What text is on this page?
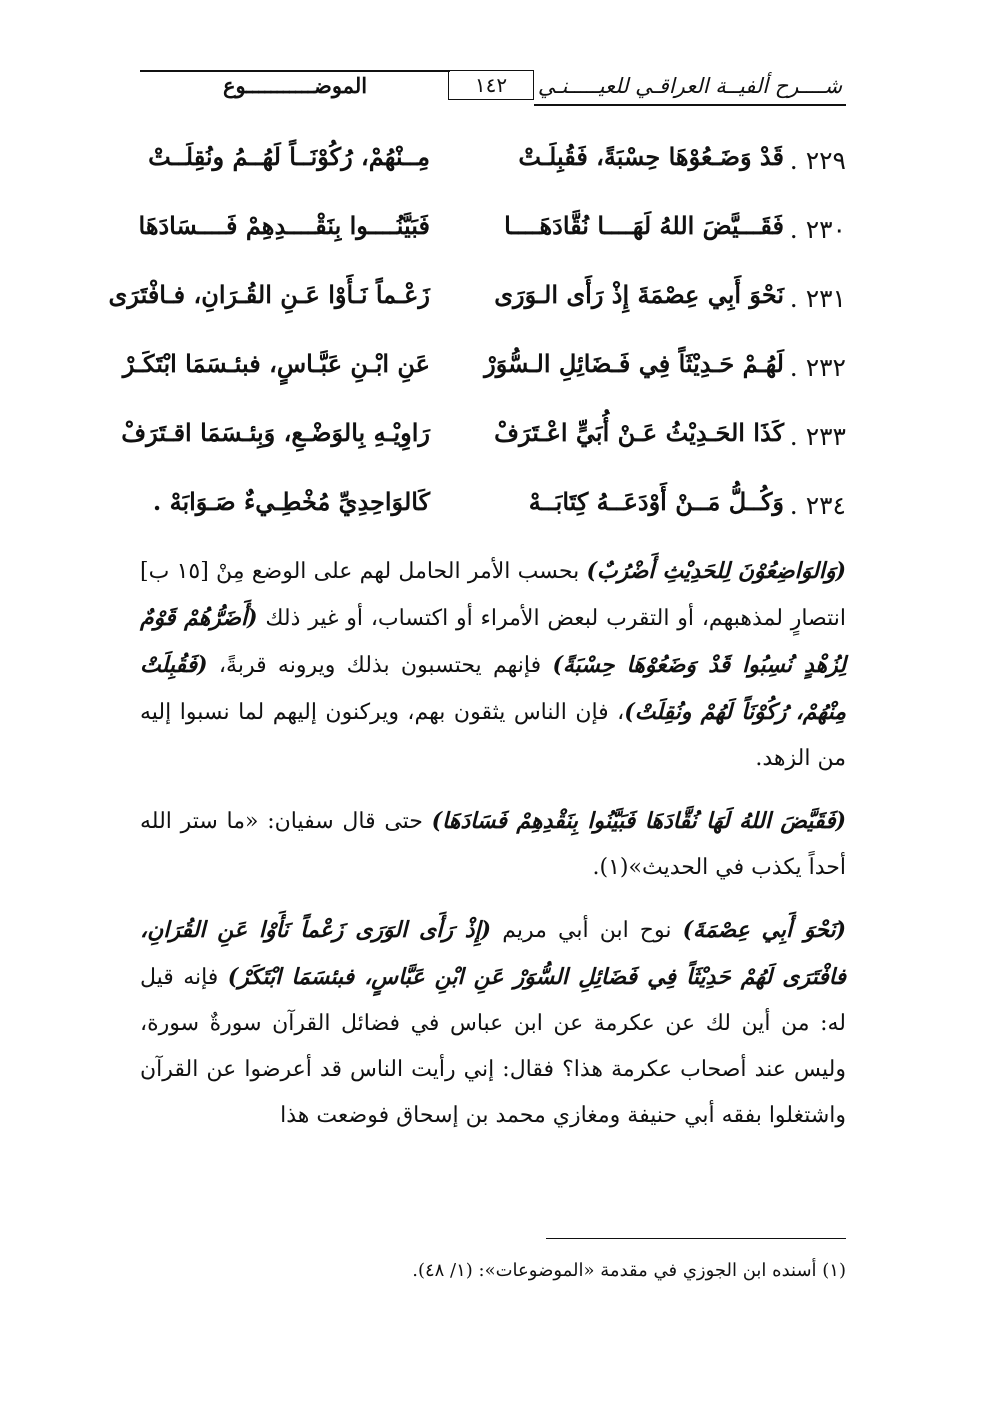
شــــرح ألفيــة العراقـي للعيـــــنـي
١٤٢
الموضـــــــــــوع
٢٢٩ .
قَدْ وَضَـعُوْهَا حِسْبَةً، فَقُبِلَـتْ
مِــنْهُمْ، رُكُوْنَــاً لَهُــمُ ونُقِلَــتْ
٢٣٠ .
فَقَـــيَّضَ اللهُ لَهَــــا نُقَّادَهَــــا
فَبَيَّنُــــوا بِنَقْــــدِهِمْ فَــــسَادَهَا
٢٣١ .
نَحْوَ أَبِي عِصْمَةَ إِذْ رَأَى الـوَرَى
زَعْـماً نَـأَوْا عَـنِ القُـرَانِ، فـافْتَرَى
٢٣٢ .
لَهُـمْ حَـدِيْثَاً فِي فَـضَائِلِ الـسُّوَرْ
عَنِ ابْـنِ عَبَّـاسٍ، فبئـسَمَا ابْتَكَـرْ
٢٣٣ .
كَذَا الحَـدِيْثُ عَـنْ أُبَيٍّ اعْـتَرَفْ
رَاوِيْـهِ بِالوَضْـعِ، وَبِئـسَمَا اقـتَرَفْ
٢٣٤ .
وَكُــلُّ مَــنْ أَوْدَعَــهُ كِتَابَــهْ
كَالوَاحِدِيِّ مُخْطِـيءٌ صَـوَابَهْ .

(وَالوَاضِعُوْنَ لِلحَدِيْثِ أَضْرُبٌ) بحسب الأمر الحامل لهم على الوضع مِنْ [١٥ ب] انتصارٍ لمذهبهم، أو التقرب لبعض الأمراء أو اكتساب، أو غير ذلك (أَضَرُّهُمْ قَوْمٌ لِزُهْدٍ نُسِبُوا قَدْ وَضَعُوْهَا حِسْبَةً) فإنهم يحتسبون بذلك ويرونه قربةً، (فَقُبِلَتْ مِنْهُمْ، رُكُوْنَاً لَهُمْ ونُقِلَتْ)، فإن الناس يثقون بهم، ويركنون إليهم لما نسبوا إليه من الزهد.

(فَقَيَّضَ اللهُ لَهَا نُقَّادَهَا فَبَيَّنُوا بِنَقْدِهِمْ فَسَادَهَا) حتى قال سفيان: «ما ستر الله أحداً يكذب في الحديث»(١).

(نَحْوَ أَبِي عِصْمَةَ) نوح ابن أبي مريم (إِذْ رَأَى الوَرَى زَعْماً نَأَوْا عَنِ القُرَانِ، فافْتَرَى لَهُمْ حَدِيْثَاً فِي فَضَائِلِ السُّوَرْ عَنِ ابْنِ عَبَّاسٍ، فبئسَمَا ابْتَكَرْ) فإنه قيل له: من أين لك عن عكرمة عن ابن عباس في فضائل القرآن سورةٌ سورة، وليس عند أصحاب عكرمة هذا؟ فقال: إني رأيت الناس قد أعرضوا عن القرآن واشتغلوا بفقه أبي حنيفة ومغازي محمد بن إسحاق فوضعت هذا

(١) أسنده ابن الجوزي في مقدمة «الموضوعات»: (١/ ٤٨).
